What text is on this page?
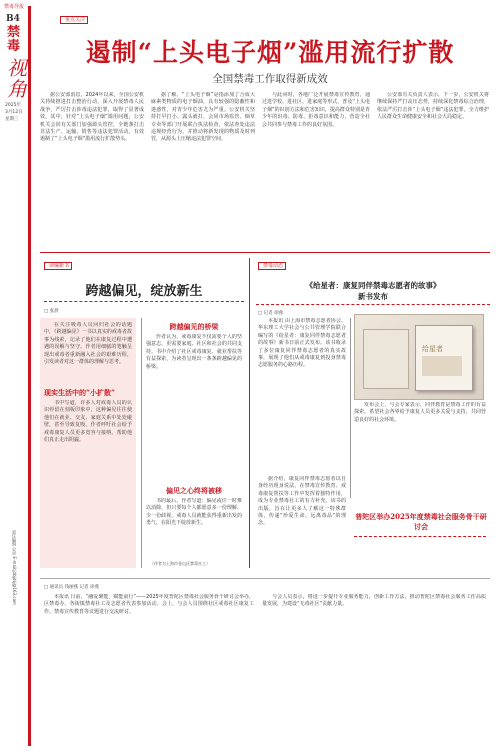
禁毒导报
B4
禁毒
视角
2025年
3月12日
星期三
责任编辑 吴卓 E-mail:jdbjdsj@163.com
重点关注
遏制“上头电子烟”滥用流行扩散
全国禁毒工作取得新成效
据公安部消息，2024年以来，全国公安机关持续推进打击整治行动，深入开展禁毒人民战争，严厉打击涉毒违法犯罪，取得了显著成效。其中，针对“上头电子烟”滥用问题，公安机关会同有关部门加强源头管控，全链条打击非法生产、运输、销售等违法犯罪活动，有效遏制了“上头电子烟”滥用流行扩散势头。
据了解，“上头电子烟”是指添加了合成大麻素类物质的电子烟油，具有较强的隐蔽性和迷惑性，对青少年危害尤为严重。公安机关坚持打早打小、露头就打，会同市场监管、烟草专卖等部门开展联合执法检查，依法查处违法违规经营行为，并推动将新发现的物质及时列管，从源头上压缩违法犯罪空间。
与此同时，各地广泛开展禁毒宣传教育，通过进学校、进社区、进家庭等形式，普及“上头电子烟”的识别方法和危害知识，提高群众特别是青少年的识毒、防毒、拒毒意识和能力，营造全社会共同参与禁毒工作的良好氛围。
公安部有关负责人表示，下一步，公安机关将继续保持严打高压态势，持续深化禁毒综合治理，依法严厉打击涉“上头电子烟”违法犯罪，全力维护人民群众生命健康安全和社会大局稳定。
读编新书
跨越偏见，绽放新生
□ 张晨
在关注吸毒人员回归社会的话题中，《跨越偏见》一书以真实的戒毒者故事为线索，记录了他们在康复过程中遭遇的误解与坚守。作者用细腻的笔触呈现出戒毒者重新融入社会的艰难历程，引发读者对这一群体的理解与思考。
现实生活中的“小扩散”
书中写道，许多人对戒毒人员的认识停留在刻板印象中，这种偏见往往使他们在就业、交友、家庭关系中处处碰壁，甚至导致复吸。作者呼吁社会给予戒毒康复人员更多宽容与接纳，帮助他们真正走出阴霾。
跨越偏见的桥梁
作者认为，戒毒康复不仅需要个人的坚强意志，更需要家庭、社区和社会的共同支持。书中介绍了社区戒毒康复、就业帮扶等有益探索，为读者呈现出一条条跨越偏见的桥梁。
偏见之心终将被移
书的最后，作者写道：偏见或许一时难以消除，但只要每个人都愿意多一份理解、少一份歧视，戒毒人员就能获得重新出发的勇气，在阳光下绽放新生。
（作者为上海市金山区禁毒社工）
禁毒动态
《给星者：康复同伴禁毒志愿者的故事》
新书发布
□ 记者 徐燕
本报讯 由上海市禁毒志愿者协会、华东理工大学社会与公共管理学院联合编写的《给星者：康复同伴禁毒志愿者的故事》新书日前正式发布。该书收录了多位康复同伴禁毒志愿者的真实故事，展现了他们从戒毒康复到投身禁毒志愿服务的心路历程。
据介绍，康复同伴禁毒志愿者以自身经历现身说法，在禁毒宣传教育、戒毒康复帮扶等工作中发挥着独特作用，成为专业禁毒社工的有力补充。该书的出版，旨在让更多人了解这一特殊群体，传递“珍爱生命、远离毒品”的理念。
给星者
发布会上，与会专家表示，同伴教育是禁毒工作的有益探索，希望社会各界给予康复人员更多关爱与支持，共同营造良好的社会环境。
普陀区举办2025年度禁毒社会服务骨干研讨会
□ 通讯员 钱丽燕 记者 徐燕
本报讯 日前，“融爱聚能，赋能前行”——2025年度普陀区禁毒社会服务骨干研讨会举办，区禁毒办、各街镇禁毒社工及志愿者代表参加活动。会上，与会人员围绕社区戒毒社区康复工作、禁毒宣传教育等议题进行交流研讨。
与会人员表示，将进一步提升专业服务能力，创新工作方法，推动普陀区禁毒社会服务工作高质量发展，为建设“无毒社区”贡献力量。
